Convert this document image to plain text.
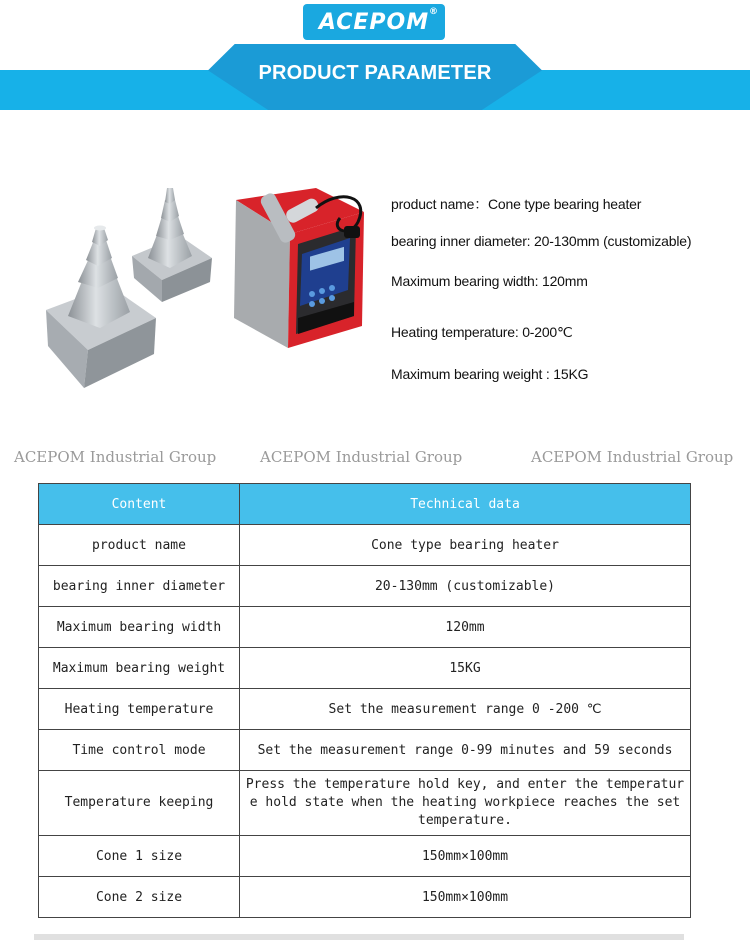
ACEPOM ®
PRODUCT PARAMETER
product name：Cone type bearing heater
bearing inner diameter: 20-130mm (customizable)
Maximum bearing width: 120mm
Heating temperature: 0-200℃
Maximum bearing weight : 15KG
ACEPOM Industrial Group	ACEPOM Industrial Group	ACEPOM Industrial Group
Content	Technical data
product name	Cone type bearing heater
bearing inner diameter	20-130mm (customizable)
Maximum bearing width	120mm
Maximum bearing weight	15KG
Heating temperature	Set the measurement range 0 -200 ℃
Time control mode	Set the measurement range 0-99 minutes and 59 seconds
Temperature keeping	Press the temperature hold key, and enter the temperature hold state when the heating workpiece reaches the set temperature.
Cone 1 size	150mm×100mm
Cone 2 size	150mm×100mm
